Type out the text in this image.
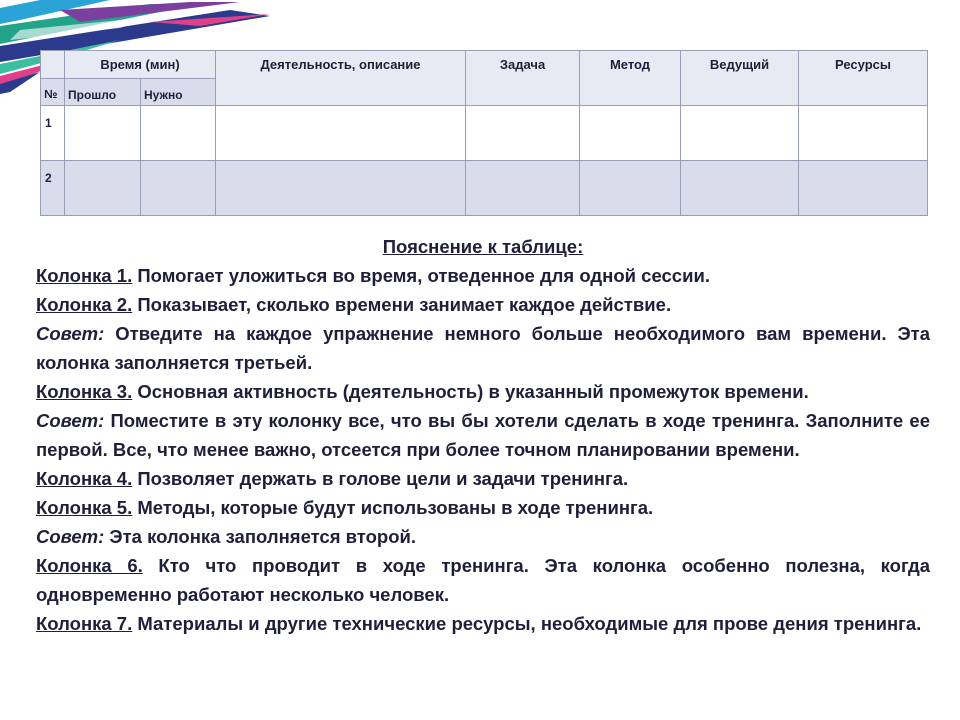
	Время (мин)		Деятельность, описание	Задача	Метод	Ведущий	Ресурсы
№	Прошло	Нужно					
1							
2							

Пояснение к таблице:

Колонка 1. Помогает уложиться во время, отведенное для одной сессии.

Колонка 2. Показывает, сколько времени занимает каждое действие.

Совет: Отведите на каждое упражнение немного больше необходимого вам времени. Эта колонка заполняется третьей.

Колонка 3. Основная активность (деятельность) в указанный промежуток времени.

Совет: Поместите в эту колонку все, что вы бы хотели сделать в ходе тренинга. Заполните ее первой. Все, что менее важно, отсеется при более точном планировании времени.

Колонка 4. Позволяет держать в голове цели и задачи тренинга.

Колонка 5. Методы, которые будут использованы в ходе тренинга.

Совет: Эта колонка заполняется второй.

Колонка 6. Кто что проводит в ходе тренинга. Эта колонка особенно полезна, когда одновременно работают несколько человек.

Колонка 7. Материалы и другие технические ресурсы, необходимые для прове дения тренинга.
